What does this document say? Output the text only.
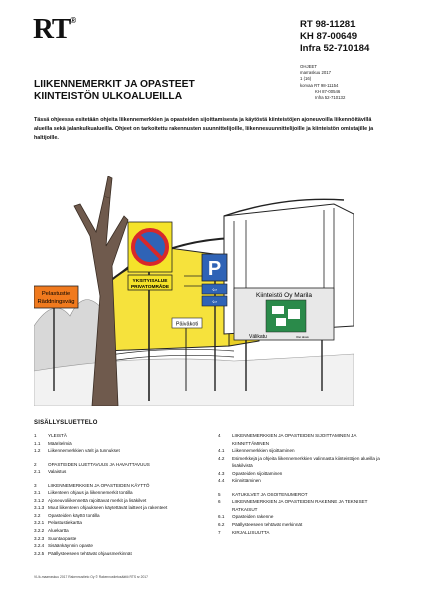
RT®	RT 98-11281
KH 87-00649
Infra 52-710184
OHJEET
marraskuu 2017
1 (16)
korvaa RT 98-11154
KH 87-00546
Infra 52-710132
LIIKENNEMERKIT JA OPASTEET
KIINTEISTÖN ULKOALUEILLA
Tässä ohjeessa esitetään ohjeita liikennemerkkien ja opasteiden sijoittamisesta ja käytöstä kiinteistöjen ajoneuvoilla liikennöitävillä alueilla sekä jalankulkualueilla. Ohjeet on tarkoitettu rakennusten suunnittelijoille, liikennesuunnittelijoille ja kiinteistön omistajille ja haltijoille.
Pelastustie
Räddningsväg
YKSITYISALUE
PRIVATOMRÅDE
P
⇦
⇦
Päiväkoti
Kiinteistö Oy Marila
Välikatu	Olet tässä
SISÄLLYSLUETTELO
1	YLEISTÄ
1.1	Määritelmiä
1.2	Liikennemerkkien värit ja tunnukset
2	OPASTEIDEN LUETTAVUUS JA HAVAITTAVUUS
2.1	Valaistus
3	LIIKENNEMERKKIEN JA OPASTEIDEN KÄYTTÖ
3.1	Liikenteen ohjaus ja liikennemerkit tontilla
3.1.2 Ajoneuvoliikennettä rajoittavat merkit ja lisäkilvet
3.1.3 Muut liikenteen ohjaukseen käytettävät laitteet ja rakenteet
3.2	Opasteiden käyttö tontilla
3.2.1 Pelastustiekartta
3.2.2 Aluekartta
3.2.3 Suuntaopaste
3.2.4 Sisäänkäynnin opaste
3.2.5 Päällysteeseen tehtävät ohjausmerkinnät
4	LIIKENNEMERKKIEN JA OPASTEIDEN SIJOITTAMINEN JA KIINNITTÄMINEN
4.1	Liikennemerkkien sijoittaminen
4.2	Esimerkkejä ja ohjeita liikennemerkkien valinnasta kiinteistöjen alueilla ja lisäkilvistä
4.3	Opasteiden sijoittaminen
4.4	Kiinnittäminen
5	KATUKILVET JA OSOITENUMEROT
6	LIIKENNEMERKKIEN JA OPASTEIDEN RAKENNE JA TEKNISET RATKAISUT
6.1	Opasteiden rakenne
6.2	Päällysteeseen tehtävät merkinnät
7	KIRJALLISUUTTA
VL/k-maarraskuu 2017 Rakennustieto Oy © Rakennustietosäätiö RTS sr 2017
